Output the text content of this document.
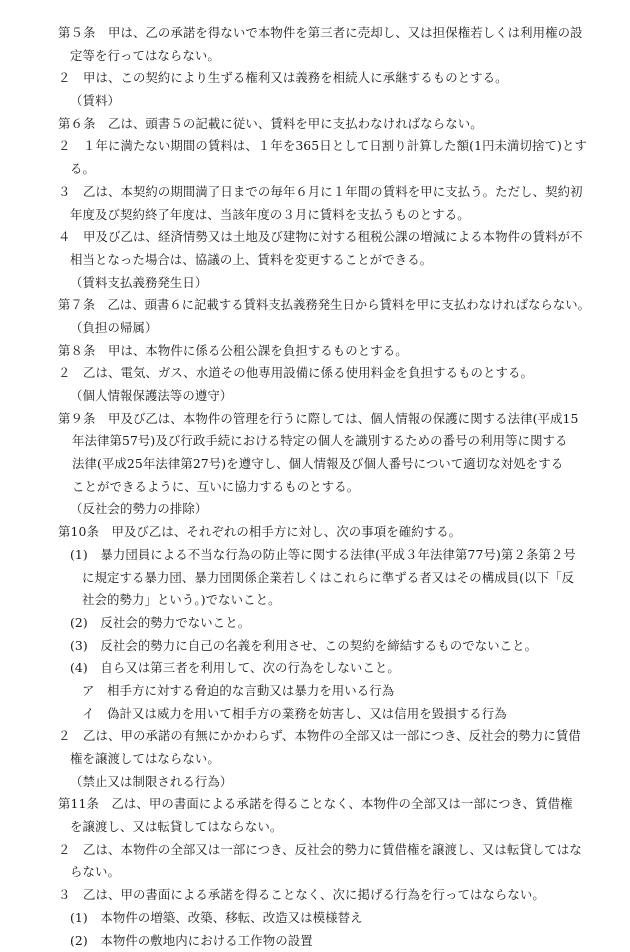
第５条　甲は、乙の承諾を得ないで本物件を第三者に売却し、又は担保権若しくは利用権の設
定等を行ってはならない。
２　甲は、この契約により生ずる権利又は義務を相続人に承継するものとする。
（賃料）
第６条　乙は、頭書５の記載に従い、賃料を甲に支払わなければならない。
２　１年に満たない期間の賃料は、１年を365日として日割り計算した額(1円未満切捨て)とす
る。
３　乙は、本契約の期間満了日までの毎年６月に１年間の賃料を甲に支払う。ただし、契約初
年度及び契約終了年度は、当該年度の３月に賃料を支払うものとする。
４　甲及び乙は、経済情勢又は土地及び建物に対する租税公課の増減による本物件の賃料が不
相当となった場合は、協議の上、賃料を変更することができる。
（賃料支払義務発生日）
第７条　乙は、頭書６に記載する賃料支払義務発生日から賃料を甲に支払わなければならない。
（負担の帰属）
第８条　甲は、本物件に係る公租公課を負担するものとする。
２　乙は、電気、ガス、水道その他専用設備に係る使用料金を負担するものとする。
（個人情報保護法等の遵守）
第９条　甲及び乙は、本物件の管理を行うに際しては、個人情報の保護に関する法律(平成15
年法律第57号)及び行政手続における特定の個人を識別するための番号の利用等に関する
法律(平成25年法律第27号)を遵守し、個人情報及び個人番号について適切な対処をする
ことができるように、互いに協力するものとする。
（反社会的勢力の排除）
第10条　甲及び乙は、それぞれの相手方に対し、次の事項を確約する。
(1)　暴力団員による不当な行為の防止等に関する法律(平成３年法律第77号)第２条第２号
に規定する暴力団、暴力団関係企業若しくはこれらに準ずる者又はその構成員(以下「反
社会的勢力」という。)でないこと。
(2)　反社会的勢力でないこと。
(3)　反社会的勢力に自己の名義を利用させ、この契約を締結するものでないこと。
(4)　自ら又は第三者を利用して、次の行為をしないこと。
ア　相手方に対する脅迫的な言動又は暴力を用いる行為
イ　偽計又は威力を用いて相手方の業務を妨害し、又は信用を毀損する行為
２　乙は、甲の承諾の有無にかかわらず、本物件の全部又は一部につき、反社会的勢力に賃借
権を譲渡してはならない。
（禁止又は制限される行為）
第11条　乙は、甲の書面による承諾を得ることなく、本物件の全部又は一部につき、賃借権
を譲渡し、又は転貸してはならない。
２　乙は、本物件の全部又は一部につき、反社会的勢力に賃借権を譲渡し、又は転貸してはな
らない。
３　乙は、甲の書面による承諾を得ることなく、次に掲げる行為を行ってはならない。
(1)　本物件の増築、改築、移転、改造又は模様替え
(2)　本物件の敷地内における工作物の設置
